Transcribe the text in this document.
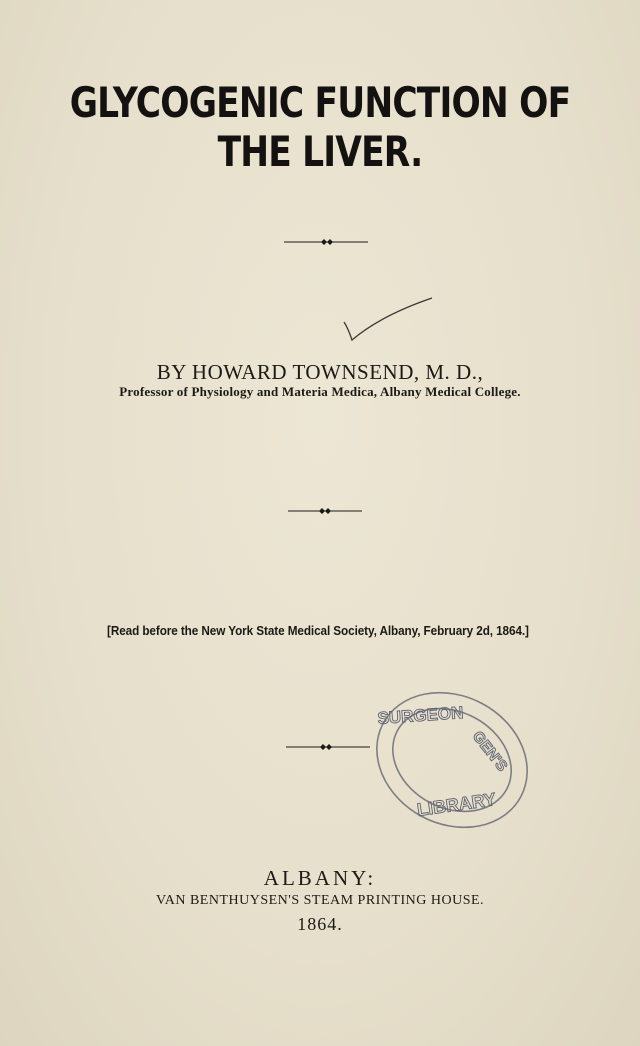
GLYCOGENIC FUNCTION OF THE LIVER.
BY HOWARD TOWNSEND, M. D.,
Professor of Physiology and Materia Medica, Albany Medical College.
[Read before the New York State Medical Society, Albany, February 2d, 1864.]
SURGEON
GEN'S
LIBRARY
ALBANY:
VAN BENTHUYSEN'S STEAM PRINTING HOUSE.
1864.
